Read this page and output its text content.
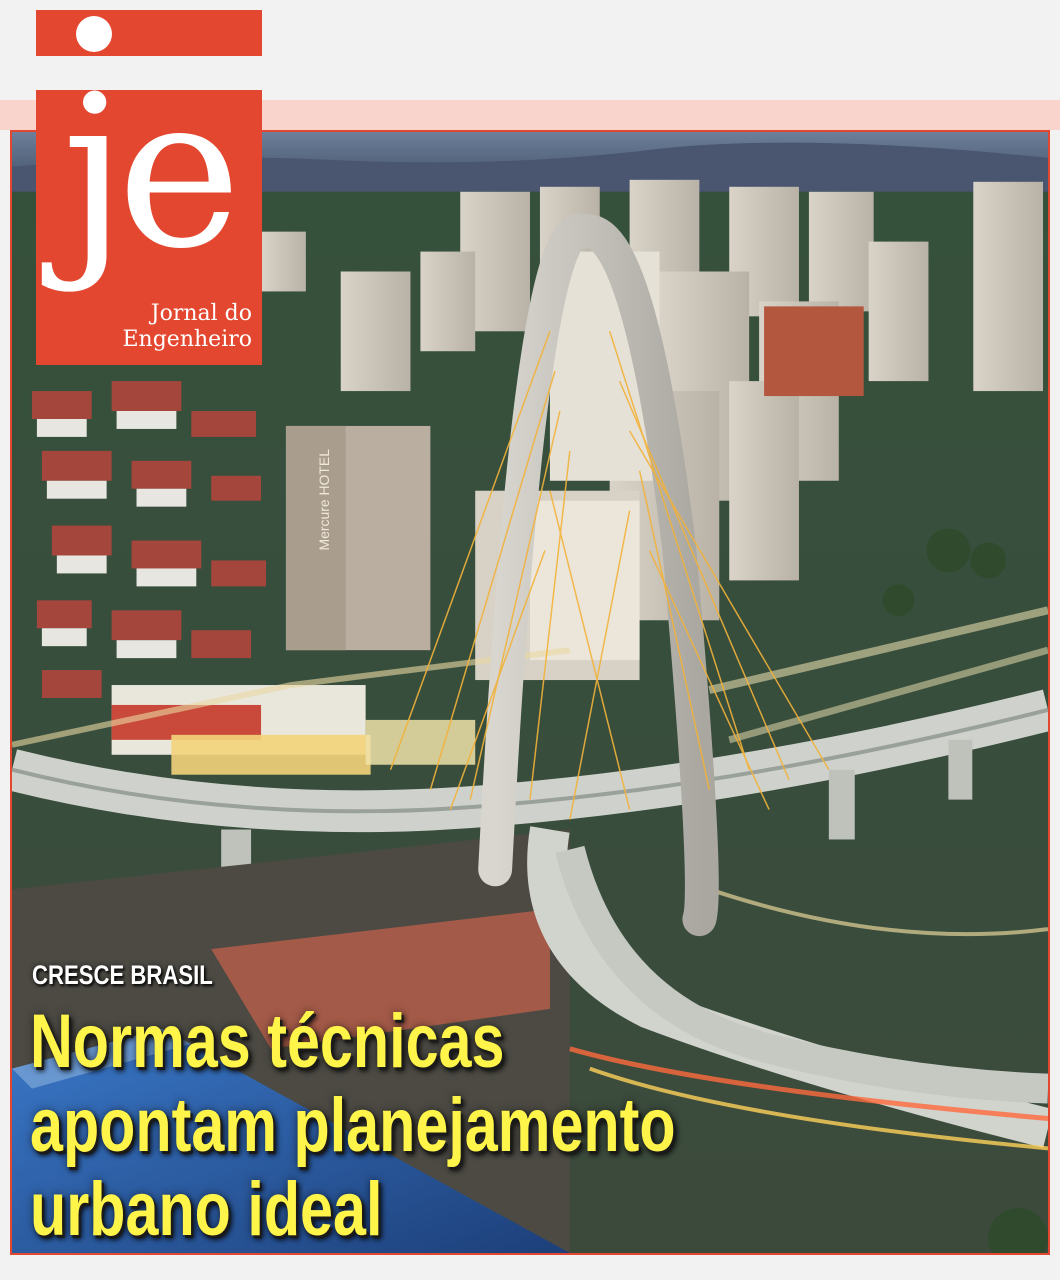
Mercure HOTEL
je
Jornal do
Engenheiro
CRESCE BRASIL
Normas técnicas
apontam planejamento
urbano ideal
